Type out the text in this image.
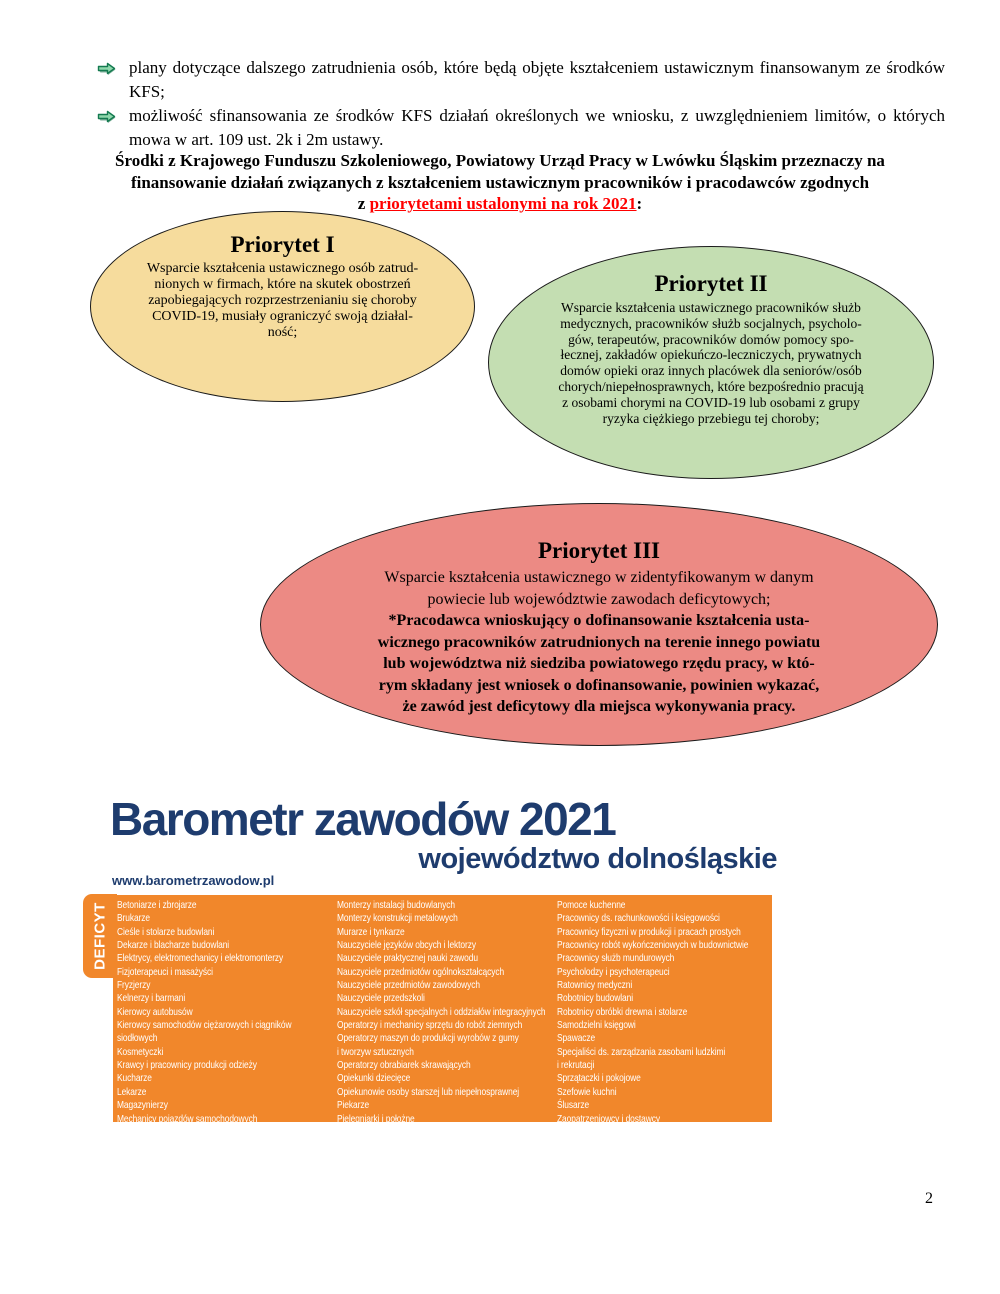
plany dotyczące dalszego zatrudnienia osób, które będą objęte kształceniem ustawicznym finansowanym ze środków KFS;
możliwość sfinansowania ze środków KFS działań określonych we wniosku, z uwzględnieniem limitów, o których mowa w art. 109 ust. 2k i 2m ustawy.
Środki z Krajowego Funduszu Szkoleniowego, Powiatowy Urząd Pracy w Lwówku Śląskim przeznaczy na
finansowanie działań związanych z kształceniem ustawicznym pracowników i pracodawców zgodnych
z priorytetami ustalonymi na rok 2021:
Priorytet I
Wsparcie kształcenia ustawicznego osób zatrud-
nionych w firmach, które na skutek obostrzeń
zapobiegających rozprzestrzenianiu się choroby
COVID-19, musiały ograniczyć swoją działal-
ność;
Priorytet II
Wsparcie kształcenia ustawicznego pracowników służb
medycznych, pracowników służb socjalnych, psycholo-
gów, terapeutów, pracowników domów pomocy spo-
łecznej, zakładów opiekuńczo-leczniczych, prywatnych
domów opieki oraz innych placówek dla seniorów/osób
chorych/niepełnosprawnych, które bezpośrednio pracują
z osobami chorymi na COVID-19 lub osobami z grupy
ryzyka ciężkiego przebiegu tej choroby;
Priorytet III
Wsparcie kształcenia ustawicznego w zidentyfikowanym w danym
powiecie lub województwie zawodach deficytowych;
*Pracodawca wnioskujący o dofinansowanie kształcenia usta-
wicznego pracowników zatrudnionych na terenie innego powiatu
lub województwa niż siedziba powiatowego rzędu pracy, w któ-
rym składany jest wniosek o dofinansowanie, powinien wykazać,
że zawód jest deficytowy dla miejsca wykonywania pracy.
Barometr zawodów 2021
województwo dolnośląskie
www.barometrzawodow.pl
DEFICYT Betoniarze i zbrojarze
Brukarze
Cieśle i stolarze budowlani
Dekarze i blacharze budowlani
Elektrycy, elektromechanicy i elektromonterzy
Fizjoterapeuci i masażyści
Fryzjerzy
Kelnerzy i barmani
Kierowcy autobusów
Kierowcy samochodów ciężarowych i ciągników
siodłowych
Kosmetyczki
Krawcy i pracownicy produkcji odzieży
Kucharze
Lekarze
Magazynierzy
Mechanicy pojazdów samochodowych
Monterzy instalacji budowlanych
Monterzy konstrukcji metalowych
Murarze i tynkarze
Nauczyciele języków obcych i lektorzy
Nauczyciele praktycznej nauki zawodu
Nauczyciele przedmiotów ogólnokształcących
Nauczyciele przedmiotów zawodowych
Nauczyciele przedszkoli
Nauczyciele szkół specjalnych i oddziałów integracyjnych
Operatorzy i mechanicy sprzętu do robót ziemnych
Operatorzy maszyn do produkcji wyrobów z gumy
i tworzyw sztucznych
Operatorzy obrabiarek skrawających
Opiekunki dziecięce
Opiekunowie osoby starszej lub niepełnosprawnej
Piekarze
Pielęgniarki i położne
Pomoce kuchenne
Pracownicy ds. rachunkowości i księgowości
Pracownicy fizyczni w produkcji i pracach prostych
Pracownicy robót wykończeniowych w budownictwie
Pracownicy służb mundurowych
Psycholodzy i psychoterapeuci
Ratownicy medyczni
Robotnicy budowlani
Robotnicy obróbki drewna i stolarze
Samodzielni księgowi
Spawacze
Specjaliści ds. zarządzania zasobami ludzkimi
i rekrutacji
Sprzątaczki i pokojowe
Szefowie kuchni
Ślusarze
Zaopatrzeniowcy i dostawcy
2
